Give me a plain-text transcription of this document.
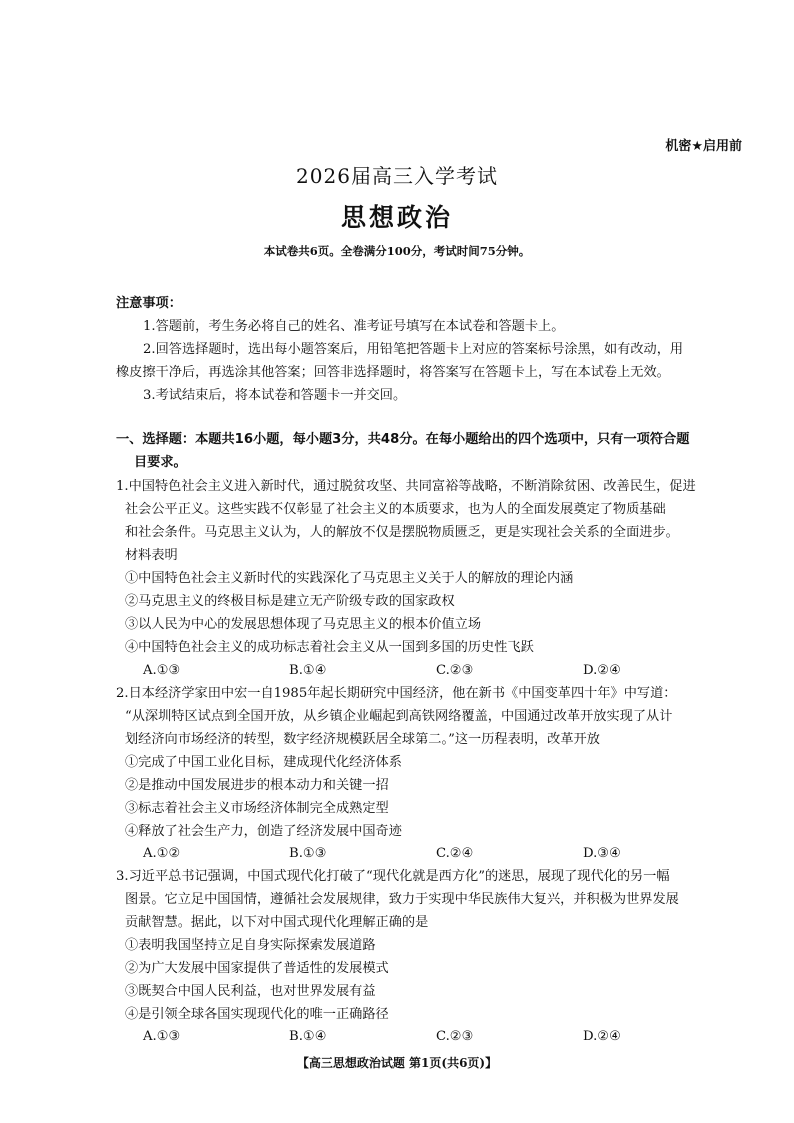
机密★启用前
2026届高三入学考试
思想政治
本试卷共6页。全卷满分100分，考试时间75分钟。
注意事项：
1.答题前，考生务必将自己的姓名、准考证号填写在本试卷和答题卡上。
2.回答选择题时，选出每小题答案后，用铅笔把答题卡上对应的答案标号涂黑，如有改动，用
橡皮擦干净后，再选涂其他答案；回答非选择题时，将答案写在答题卡上，写在本试卷上无效。
3.考试结束后，将本试卷和答题卡一并交回。
一、选择题：本题共16小题，每小题3分，共48分。在每小题给出的四个选项中，只有一项符合题
目要求。
1.中国特色社会主义进入新时代，通过脱贫攻坚、共同富裕等战略，不断消除贫困、改善民生，促进
社会公平正义。这些实践不仅彰显了社会主义的本质要求，也为人的全面发展奠定了物质基础
和社会条件。马克思主义认为，人的解放不仅是摆脱物质匮乏，更是实现社会关系的全面进步。
材料表明
①中国特色社会主义新时代的实践深化了马克思主义关于人的解放的理论内涵
②马克思主义的终极目标是建立无产阶级专政的国家政权
③以人民为中心的发展思想体现了马克思主义的根本价值立场
④中国特色社会主义的成功标志着社会主义从一国到多国的历史性飞跃
A.①③	B.①④	C.②③	D.②④
2.日本经济学家田中宏一自1985年起长期研究中国经济，他在新书《中国变革四十年》中写道：
“从深圳特区试点到全国开放，从乡镇企业崛起到高铁网络覆盖，中国通过改革开放实现了从计
划经济向市场经济的转型，数字经济规模跃居全球第二。”这一历程表明，改革开放
①完成了中国工业化目标，建成现代化经济体系
②是推动中国发展进步的根本动力和关键一招
③标志着社会主义市场经济体制完全成熟定型
④释放了社会生产力，创造了经济发展中国奇迹
A.①②	B.①③	C.②④	D.③④
3.习近平总书记强调，中国式现代化打破了“现代化就是西方化”的迷思，展现了现代化的另一幅
图景。它立足中国国情，遵循社会发展规律，致力于实现中华民族伟大复兴，并积极为世界发展
贡献智慧。据此，以下对中国式现代化理解正确的是
①表明我国坚持立足自身实际探索发展道路
②为广大发展中国家提供了普适性的发展模式
③既契合中国人民利益，也对世界发展有益
④是引领全球各国实现现代化的唯一正确路径
A.①③	B.①④	C.②③	D.②④
【高三思想政治试题 第1页(共6页)】
